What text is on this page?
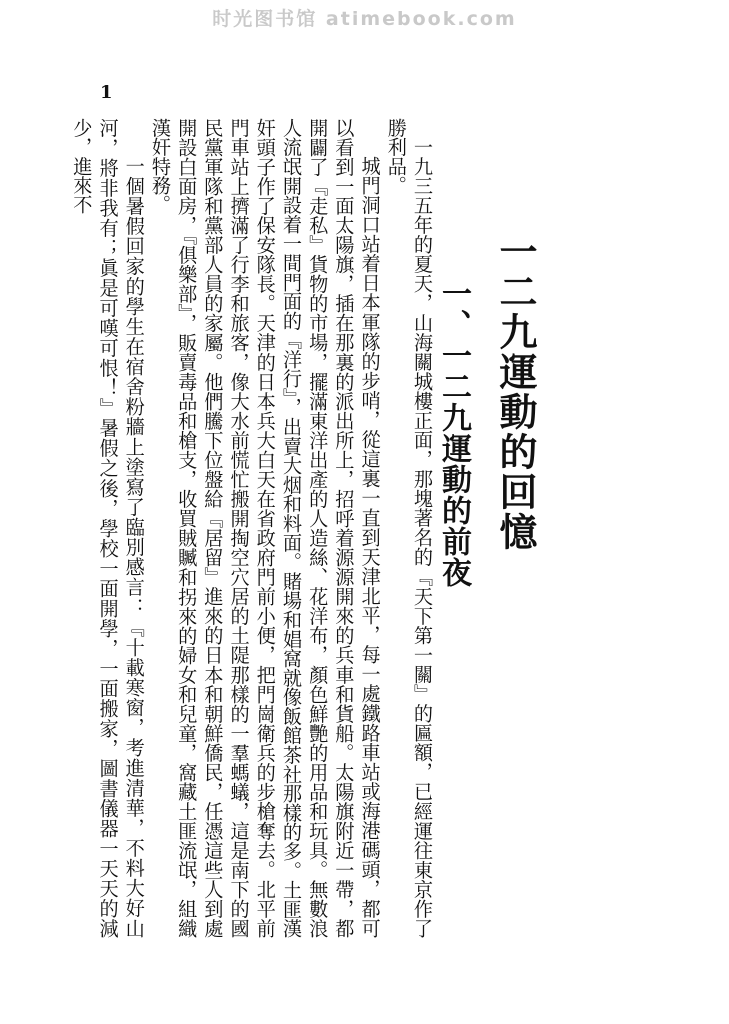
时光图书馆 atimebook.com
1
一二九運動的回憶
一、一二九運動的前夜

一九三五年的夏天，山海關城樓正面，那塊著名的『天下第一關』的匾額，已經運往東京作了勝利品。

城門洞口站着日本軍隊的步哨，從這裏一直到天津北平，每一處鐵路車站或海港碼頭，都可以看到一面太陽旗，插在那裏的派出所上，招呼着源源開來的兵車和貨船。太陽旗附近一帶，都開闢了『走私』貨物的市場，擺滿東洋出產的人造絲、花洋布，顏色鮮艷的用品和玩具。無數浪人流氓開設着一間門面的『洋行』，出賣大烟和料面。賭場和娼窩就像飯館茶社那樣的多。土匪漢奸頭子作了保安隊長。天津的日本兵大白天在省政府門前小便，把門崗衛兵的步槍奪去。北平前門車站上擠滿了行李和旅客，像大水前慌忙搬開掏空穴居的土隄那樣的一羣螞蟻，這是南下的國民黨軍隊和黨部人員的家屬。他們騰下位盤給『居留』進來的日本和朝鮮僑民，任憑這些人到處開設白面房，『俱樂部』，販賣毒品和槍支，收買賊贓和拐來的婦女和兒童，窩藏土匪流氓，組織漢奸特務。

一個暑假回家的學生在宿舍粉牆上塗寫了臨別感言：『十載寒窗，考進清華，不料大好山河，將非我有；眞是可嘆可恨！』暑假之後，學校一面開學，一面搬家，圖書儀器一天天的減少，進來不
